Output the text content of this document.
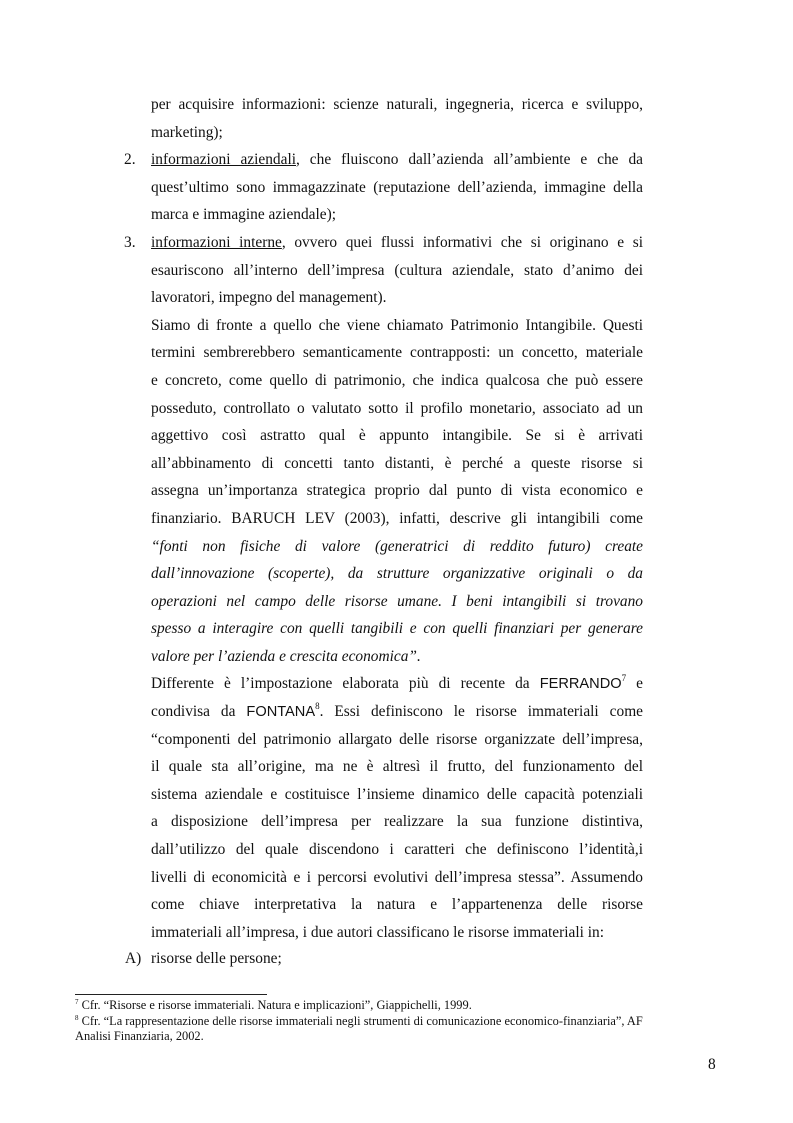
per acquisire informazioni: scienze naturali, ingegneria, ricerca e sviluppo,
marketing);
2. informazioni aziendali, che fluiscono dall’azienda all’ambiente e che da
quest’ultimo sono immagazzinate (reputazione dell’azienda, immagine della
marca e immagine aziendale);
3. informazioni interne, ovvero quei flussi informativi che si originano e si
esauriscono all’interno dell’impresa (cultura aziendale, stato d’animo dei
lavoratori, impegno del management).
Siamo di fronte a quello che viene chiamato Patrimonio Intangibile. Questi
termini sembrerebbero semanticamente contrapposti: un concetto, materiale
e concreto, come quello di patrimonio, che indica qualcosa che può essere
posseduto, controllato o valutato sotto il profilo monetario, associato ad un
aggettivo così astratto qual è appunto intangibile. Se si è arrivati
all’abbinamento di concetti tanto distanti, è perché a queste risorse si
assegna un’importanza strategica proprio dal punto di vista economico e
finanziario. BARUCH LEV (2003), infatti, descrive gli intangibili come
“fonti non fisiche di valore (generatrici di reddito futuro) create
dall’innovazione (scoperte), da strutture organizzative originali o da
operazioni nel campo delle risorse umane. I beni intangibili si trovano
spesso a interagire con quelli tangibili e con quelli finanziari per generare
valore per l’azienda e crescita economica”.
Differente è l’impostazione elaborata più di recente da FERRANDO$^7$ e
condivisa da FONTANA$^8$. Essi definiscono le risorse immateriali come
“componenti del patrimonio allargato delle risorse organizzate dell’impresa,
il quale sta all’origine, ma ne è altresì il frutto, del funzionamento del
sistema aziendale e costituisce l’insieme dinamico delle capacità potenziali
a disposizione dell’impresa per realizzare la sua funzione distintiva,
dall’utilizzo del quale discendono i caratteri che definiscono l’identità,i
livelli di economicità e i percorsi evolutivi dell’impresa stessa”. Assumendo
come chiave interpretativa la natura e l’appartenenza delle risorse
immateriali all’impresa, i due autori classificano le risorse immateriali in:
A) risorse delle persone;
$^7$ Cfr. “Risorse e risorse immateriali. Natura e implicazioni”, Giappichelli, 1999.
$^8$ Cfr. “La rappresentazione delle risorse immateriali negli strumenti di comunicazione economico-finanziaria”, AF
Analisi Finanziaria, 2002.
8
